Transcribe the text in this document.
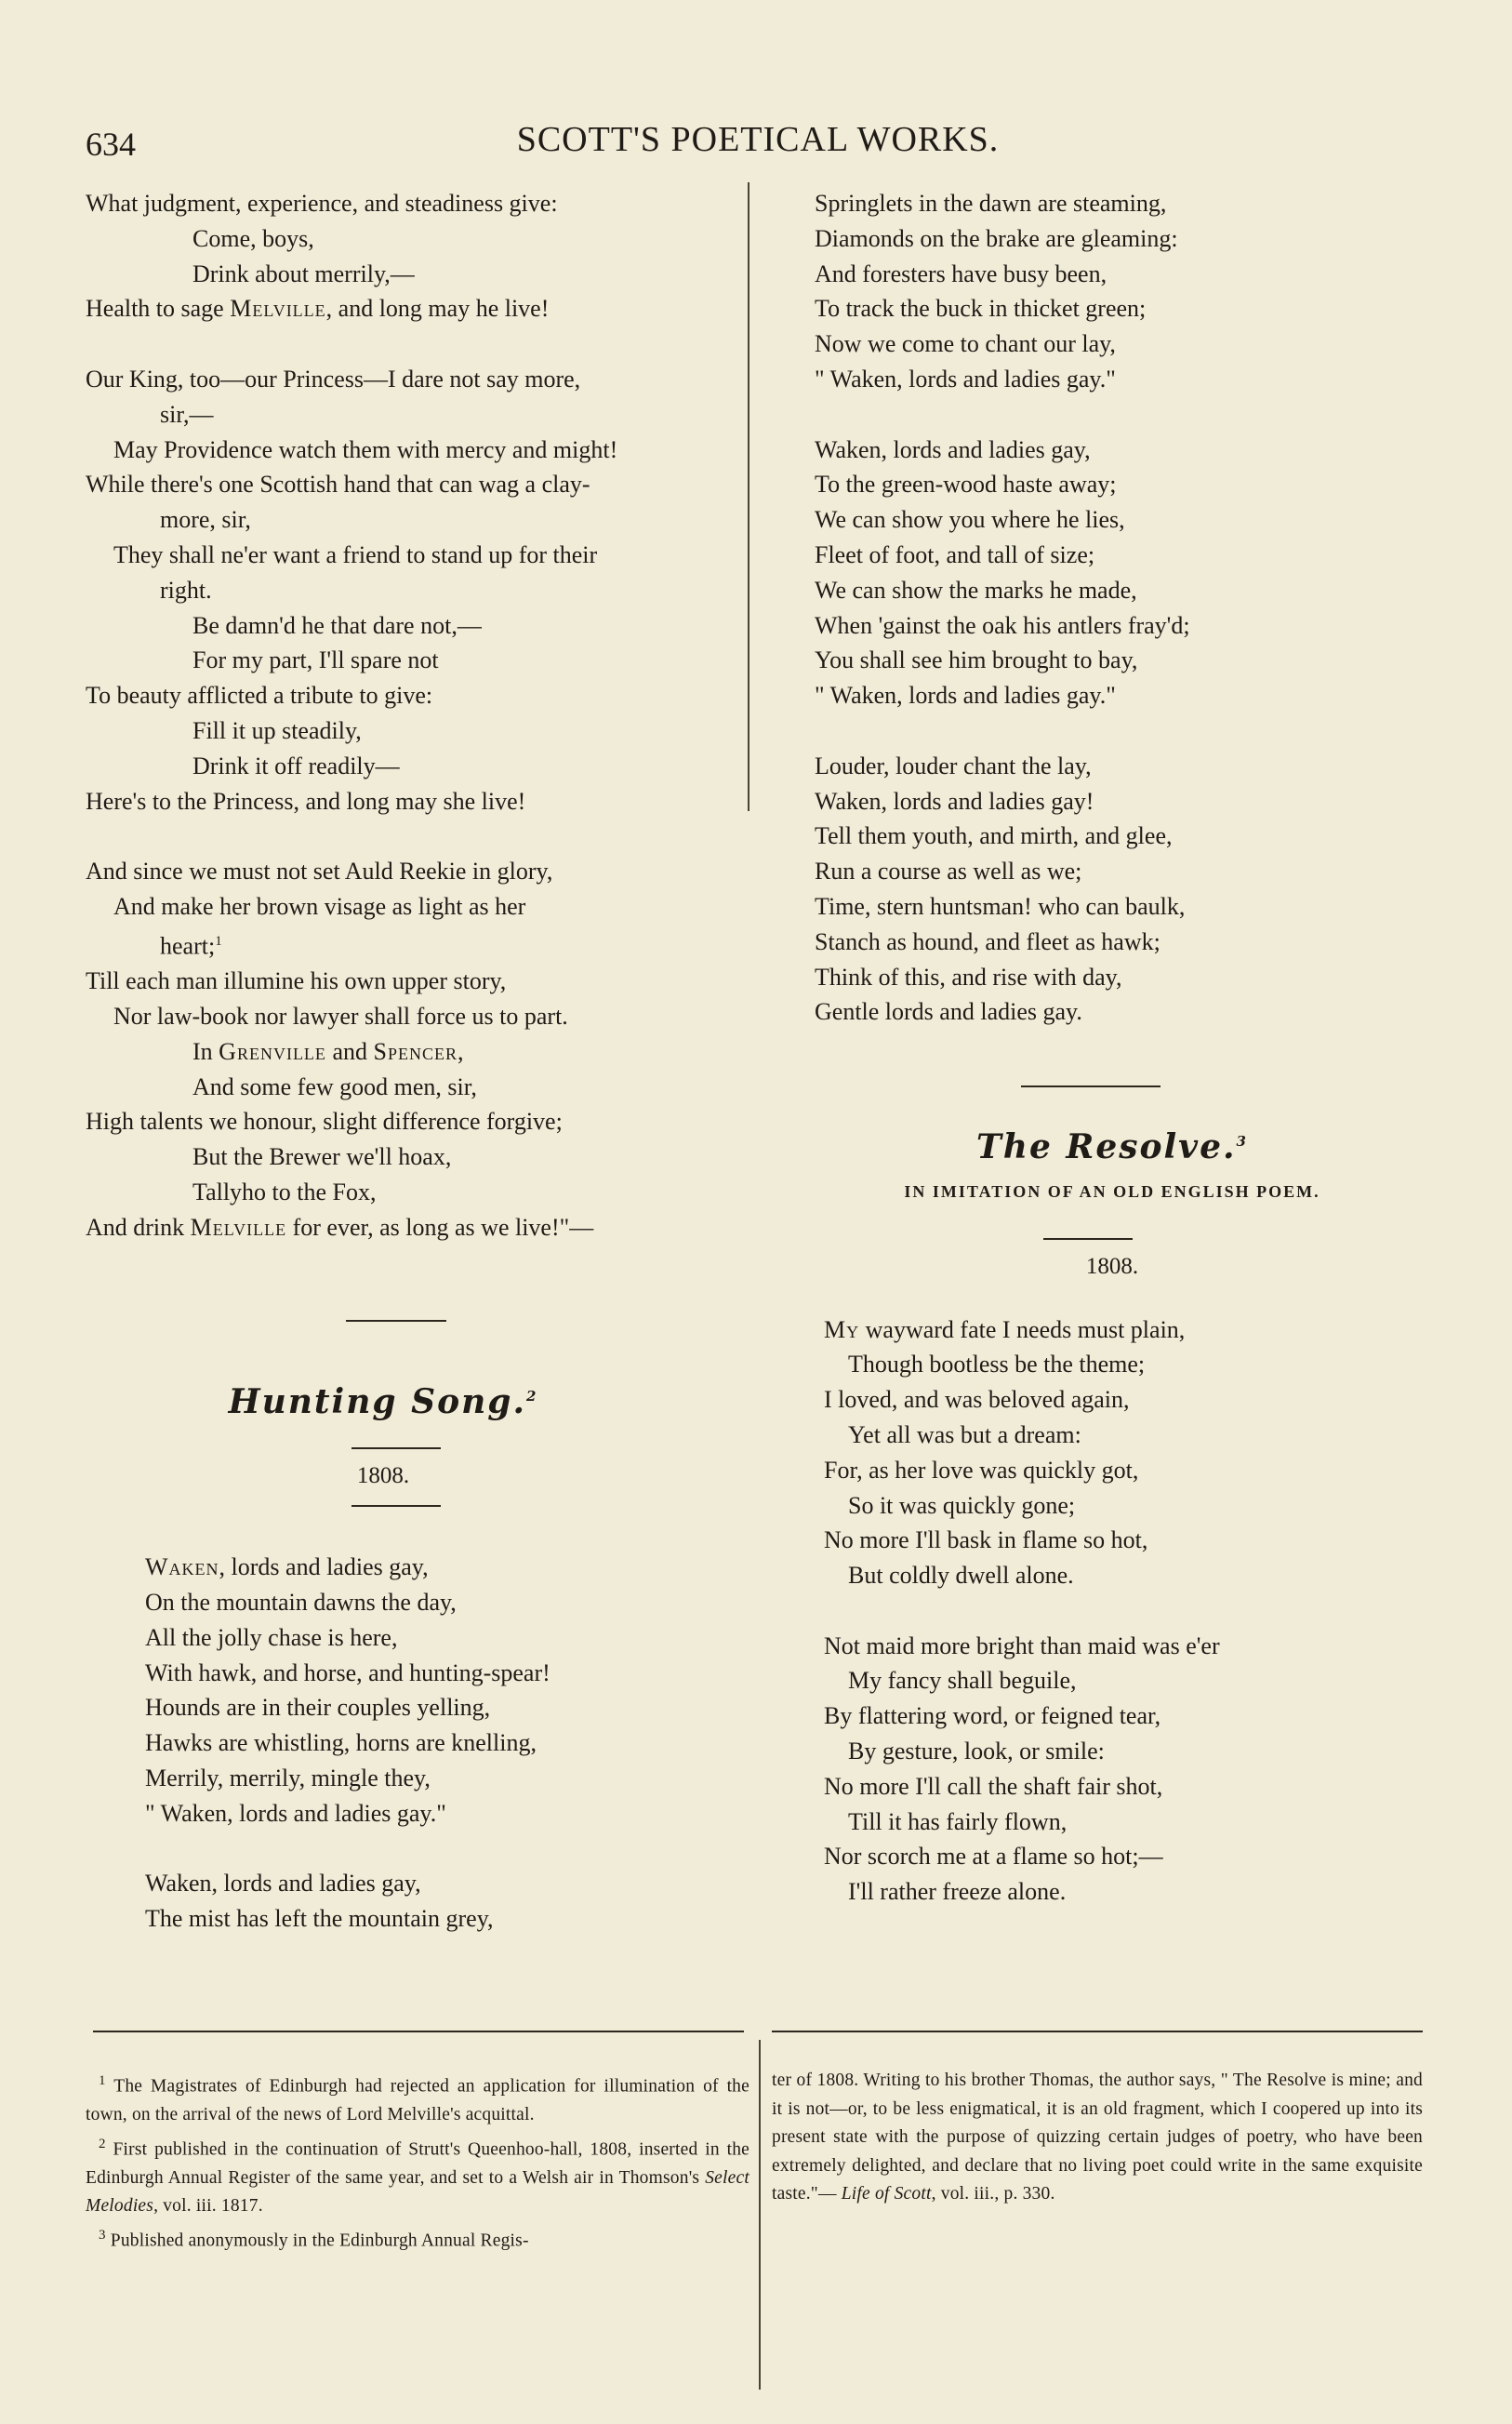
634	SCOTT'S POETICAL WORKS.
What judgment, experience, and steadiness give:
Come, boys,
Drink about merrily,—
Health to sage Melville, and long may he live!
Our King, too—our Princess—I dare not say more,
sir,—
May Providence watch them with mercy and might!
While there's one Scottish hand that can wag a clay-
more, sir,
They shall ne'er want a friend to stand up for their
right.
Be damn'd he that dare not,—
For my part, I'll spare not
To beauty afflicted a tribute to give:
Fill it up steadily,
Drink it off readily—
Here's to the Princess, and long may she live!
And since we must not set Auld Reekie in glory,
And make her brown visage as light as her
heart;$^1$
Till each man illumine his own upper story,
Nor law-book nor lawyer shall force us to part.
In Grenville and Spencer,
And some few good men, sir,
High talents we honour, slight difference forgive;
But the Brewer we'll hoax,
Tallyho to the Fox,
And drink Melville for ever, as long as we live!"—
Hunting Song.$^2$
1808.
Waken, lords and ladies gay,
On the mountain dawns the day,
All the jolly chase is here,
With hawk, and horse, and hunting-spear!
Hounds are in their couples yelling,
Hawks are whistling, horns are knelling,
Merrily, merrily, mingle they,
" Waken, lords and ladies gay."
Waken, lords and ladies gay,
The mist has left the mountain grey,
Springlets in the dawn are steaming,
Diamonds on the brake are gleaming:
And foresters have busy been,
To track the buck in thicket green;
Now we come to chant our lay,
" Waken, lords and ladies gay."
Waken, lords and ladies gay,
To the green-wood haste away;
We can show you where he lies,
Fleet of foot, and tall of size;
We can show the marks he made,
When 'gainst the oak his antlers fray'd;
You shall see him brought to bay,
" Waken, lords and ladies gay."
Louder, louder chant the lay,
Waken, lords and ladies gay!
Tell them youth, and mirth, and glee,
Run a course as well as we;
Time, stern huntsman! who can baulk,
Stanch as hound, and fleet as hawk;
Think of this, and rise with day,
Gentle lords and ladies gay.
The Resolve.$^3$
IN IMITATION OF AN OLD ENGLISH POEM.
1808.
My wayward fate I needs must plain,
Though bootless be the theme;
I loved, and was beloved again,
Yet all was but a dream:
For, as her love was quickly got,
So it was quickly gone;
No more I'll bask in flame so hot,
But coldly dwell alone.
Not maid more bright than maid was e'er
My fancy shall beguile,
By flattering word, or feigned tear,
By gesture, look, or smile:
No more I'll call the shaft fair shot,
Till it has fairly flown,
Nor scorch me at a flame so hot;—
I'll rather freeze alone.

$^1$ The Magistrates of Edinburgh had rejected an application for illumination of the town, on the arrival of the news of Lord Melville's acquittal.

$^2$ First published in the continuation of Strutt's Queenhoo-hall, 1808, inserted in the Edinburgh Annual Register of the same year, and set to a Welsh air in Thomson's Select Melodies, vol. iii. 1817.

$^3$ Published anonymously in the Edinburgh Annual Regis-

ter of 1808. Writing to his brother Thomas, the author says, " The Resolve is mine; and it is not—or, to be less enigmatical, it is an old fragment, which I coopered up into its present state with the purpose of quizzing certain judges of poetry, who have been extremely delighted, and declare that no living poet could write in the same exquisite taste."— Life of Scott, vol. iii., p. 330.
